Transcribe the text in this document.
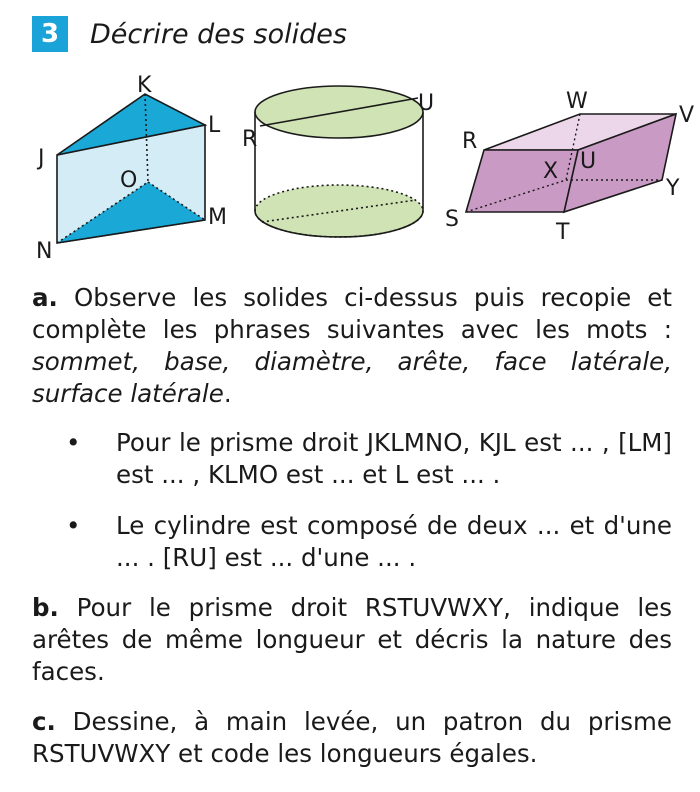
3	Décrire des solides
K
L
J
O
M
N
R
U	W
V
R
X U
Y
S
T
a. Observe les solides ci-dessus puis recopie et complète les phrases suivantes avec les mots : sommet, base, diamètre, arête, face latérale, surface latérale.
• Pour le prisme droit JKLMNO, KJL est ... , [LM] est ... , KLMO est ... et L est ... .
• Le cylindre est composé de deux ... et d'une ... . [RU] est ... d'une ... .
b. Pour le prisme droit RSTUVWXY, indique les arêtes de même longueur et décris la nature des faces.
c. Dessine, à main levée, un patron du prisme RSTUVWXY et code les longueurs égales.
